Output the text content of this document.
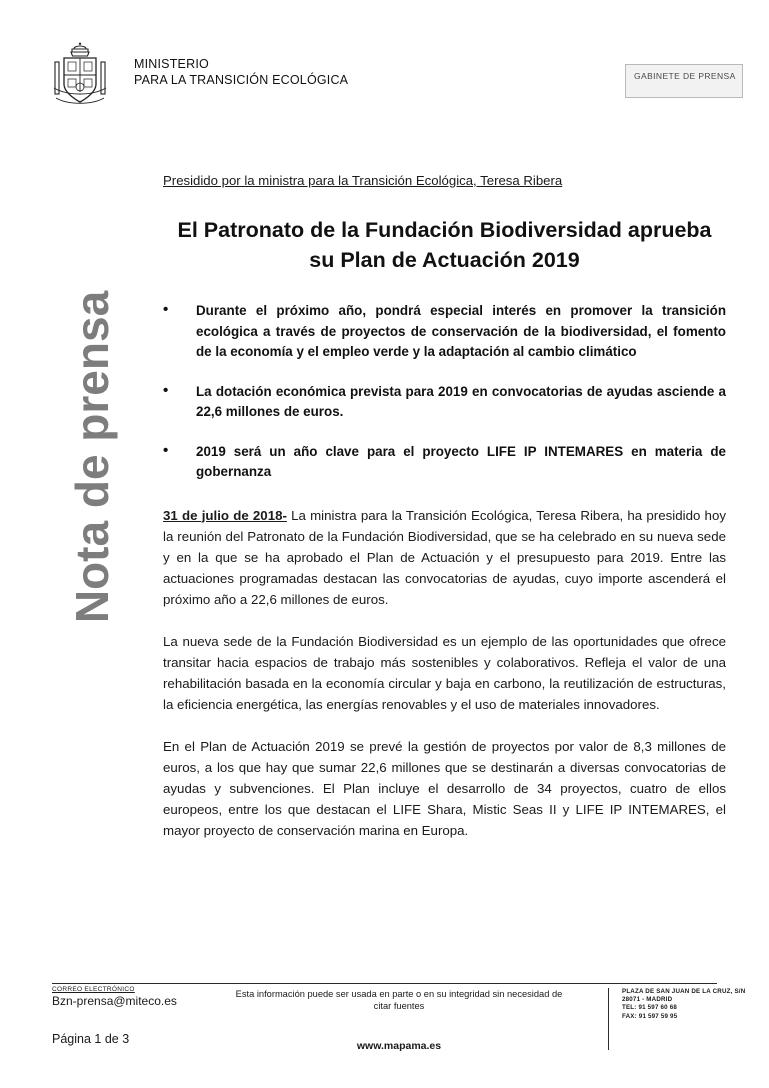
MINISTERIO
PARA LA TRANSICIÓN ECOLÓGICA	GABINETE DE PRENSA
Nota de prensa
Presidido por la ministra para la Transición Ecológica, Teresa Ribera
El Patronato de la Fundación Biodiversidad aprueba
su Plan de Actuación 2019
• Durante el próximo año, pondrá especial interés en promover la transición ecológica a través de proyectos de conservación de la biodiversidad, el fomento de la economía y el empleo verde y la adaptación al cambio climático
• La dotación económica prevista para 2019 en convocatorias de ayudas asciende a 22,6 millones de euros.
• 2019 será un año clave para el proyecto LIFE IP INTEMARES en materia de gobernanza

31 de julio de 2018- La ministra para la Transición Ecológica, Teresa Ribera, ha presidido hoy la reunión del Patronato de la Fundación Biodiversidad, que se ha celebrado en su nueva sede y en la que se ha aprobado el Plan de Actuación y el presupuesto para 2019. Entre las actuaciones programadas destacan las convocatorias de ayudas, cuyo importe ascenderá el próximo año a 22,6 millones de euros.

La nueva sede de la Fundación Biodiversidad es un ejemplo de las oportunidades que ofrece transitar hacia espacios de trabajo más sostenibles y colaborativos. Refleja el valor de una rehabilitación basada en la economía circular y baja en carbono, la reutilización de estructuras, la eficiencia energética, las energías renovables y el uso de materiales innovadores.

En el Plan de Actuación 2019 se prevé la gestión de proyectos por valor de 8,3 millones de euros, a los que hay que sumar 22,6 millones que se destinarán a diversas convocatorias de ayudas y subvenciones. El Plan incluye el desarrollo de 34 proyectos, cuatro de ellos europeos, entre los que destacan el LIFE Shara, Mistic Seas II y LIFE IP INTEMARES, el mayor proyecto de conservación marina en Europa.

CORREO ELECTRÓNICO
Bzn-prensa@miteco.es
Página 1 de 3
Esta información puede ser usada en parte o en su integridad sin necesidad de citar fuentes
www.mapama.es
PLAZA DE SAN JUAN DE LA CRUZ, S/N
28071 - MADRID
TEL: 91 597 60 68
FAX: 91 597 59 95
